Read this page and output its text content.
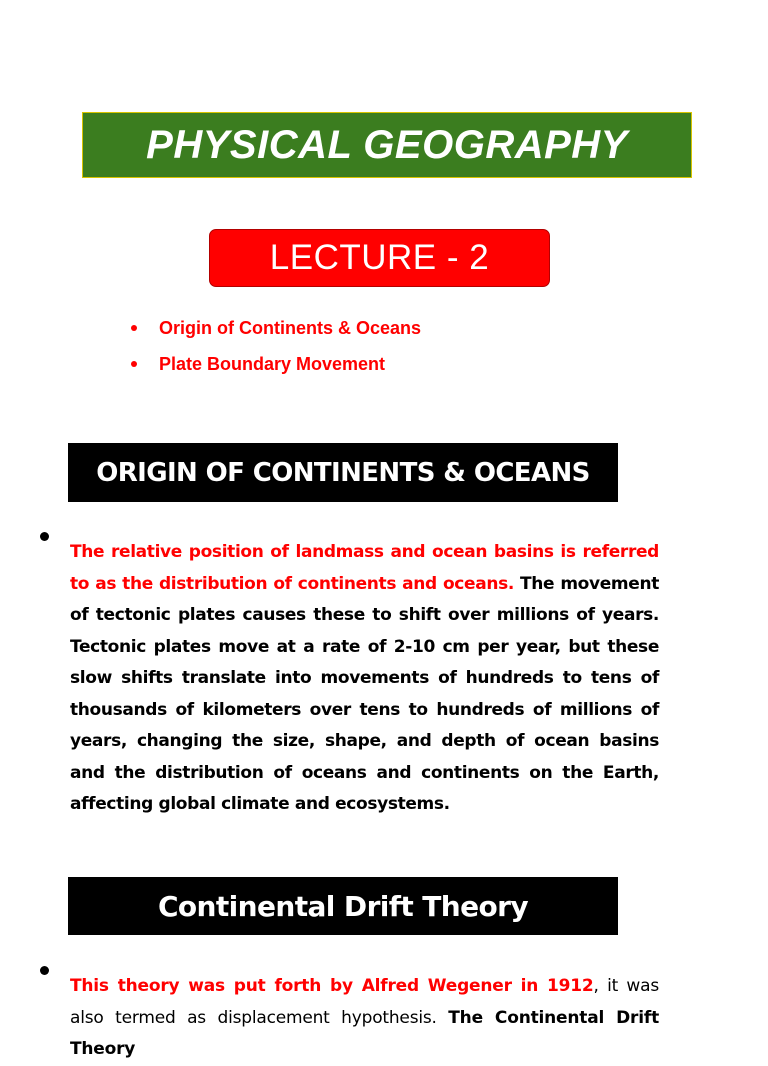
PHYSICAL GEOGRAPHY
LECTURE - 2
Origin of Continents & Oceans
Plate Boundary Movement
ORIGIN OF CONTINENTS & OCEANS

The relative position of landmass and ocean basins is referred to as the distribution of continents and oceans. The movement of tectonic plates causes these to shift over millions of years. Tectonic plates move at a rate of 2-10 cm per year, but these slow shifts translate into movements of hundreds to tens of thousands of kilometers over tens to hundreds of millions of years, changing the size, shape, and depth of ocean basins and the distribution of oceans and continents on the Earth, affecting global climate and ecosystems.

Continental Drift Theory

This theory was put forth by Alfred Wegener in 1912, it was also termed as displacement hypothesis. The Continental Drift Theory
